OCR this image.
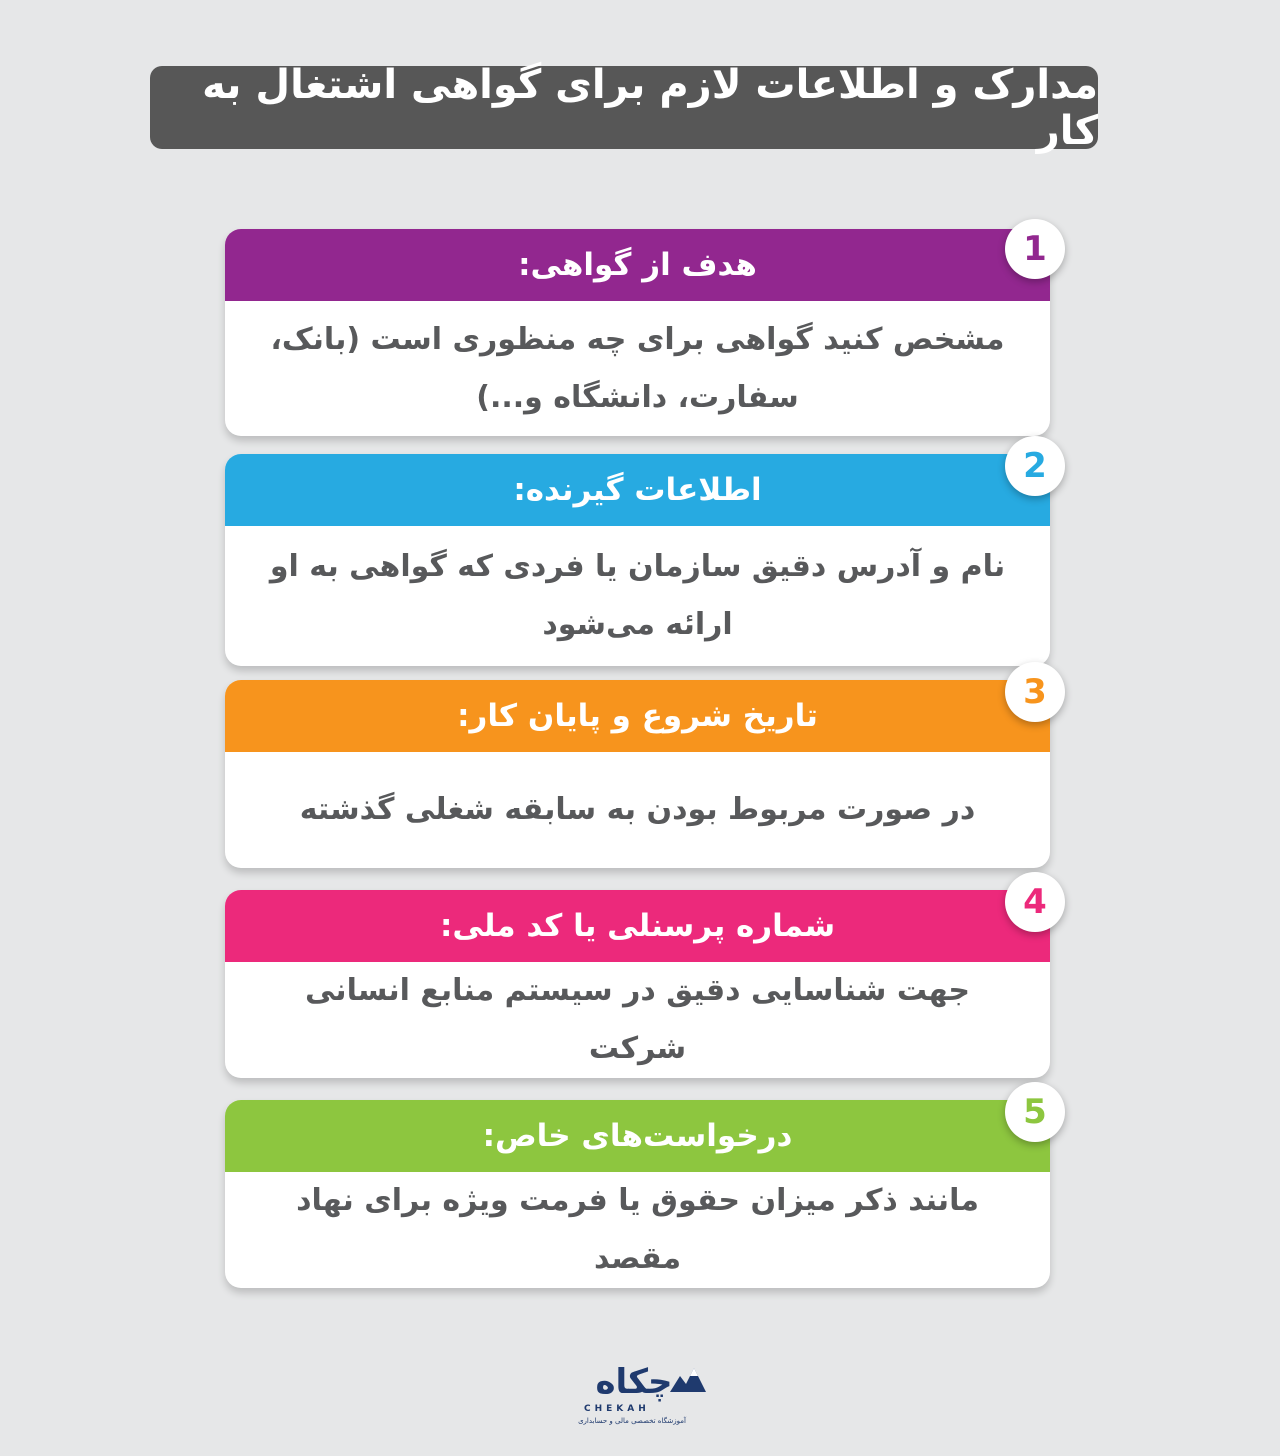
مدارک و اطلاعات لازم برای گواهی اشتغال به کار
هدف از گواهی:
مشخص کنید گواهی برای چه منظوری است (بانک، سفارت، دانشگاه و...)
1
اطلاعات گیرنده:
نام و آدرس دقیق سازمان یا فردی که گواهی به او ارائه می‌شود
2
تاریخ شروع و پایان کار:
در صورت مربوط بودن به سابقه شغلی گذشته
3
شماره پرسنلی یا کد ملی:
جهت شناسایی دقیق در سیستم منابع انسانی شرکت
4
درخواست‌های خاص:
مانند ذکر میزان حقوق یا فرمت ویژه برای نهاد مقصد
5
چکاه
CHEKAH
آموزشگاه تخصصی مالی و حسابداری
